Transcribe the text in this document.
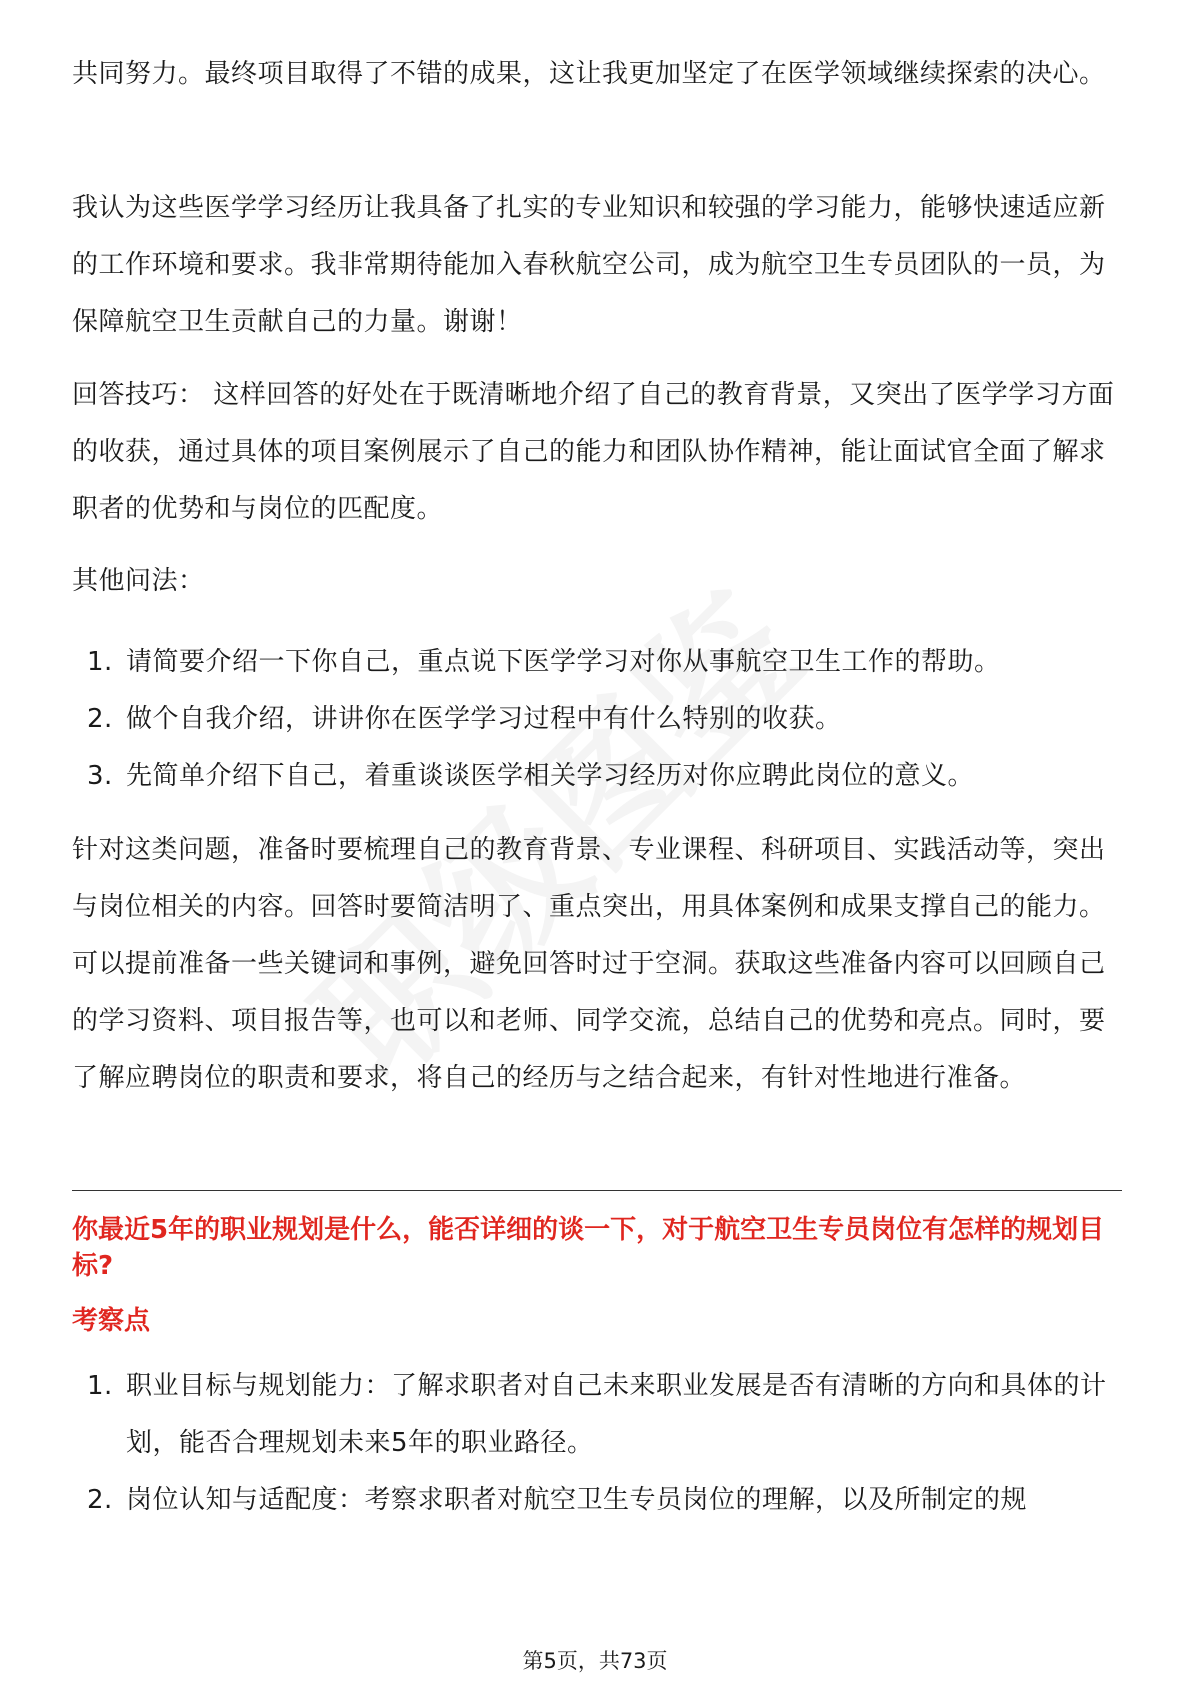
共同努力。最终项目取得了不错的成果，这让我更加坚定了在医学领域继续探索的决心。

我认为这些医学学习经历让我具备了扎实的专业知识和较强的学习能力，能够快速适应新的工作环境和要求。我非常期待能加入春秋航空公司，成为航空卫生专员团队的一员，为保障航空卫生贡献自己的力量。谢谢！

回答技巧： 这样回答的好处在于既清晰地介绍了自己的教育背景，又突出了医学学习方面的收获，通过具体的项目案例展示了自己的能力和团队协作精神，能让面试官全面了解求职者的优势和与岗位的匹配度。

其他问法：

1. 请简要介绍一下你自己，重点说下医学学习对你从事航空卫生工作的帮助。
2. 做个自我介绍，讲讲你在医学学习过程中有什么特别的收获。
3. 先简单介绍下自己，着重谈谈医学相关学习经历对你应聘此岗位的意义。

针对这类问题，准备时要梳理自己的教育背景、专业课程、科研项目、实践活动等，突出与岗位相关的内容。回答时要简洁明了、重点突出，用具体案例和成果支撑自己的能力。可以提前准备一些关键词和事例，避免回答时过于空洞。获取这些准备内容可以回顾自己的学习资料、项目报告等，也可以和老师、同学交流，总结自己的优势和亮点。同时，要了解应聘岗位的职责和要求，将自己的经历与之结合起来，有针对性地进行准备。

你最近5年的职业规划是什么，能否详细的谈一下，对于航空卫生专员岗位有怎样的规划目标?

考察点

1. 职业目标与规划能力：了解求职者对自己未来职业发展是否有清晰的方向和具体的计划，能否合理规划未来5年的职业路径。
2. 岗位认知与适配度：考察求职者对航空卫生专员岗位的理解，以及所制定的规
第5页，共73页
